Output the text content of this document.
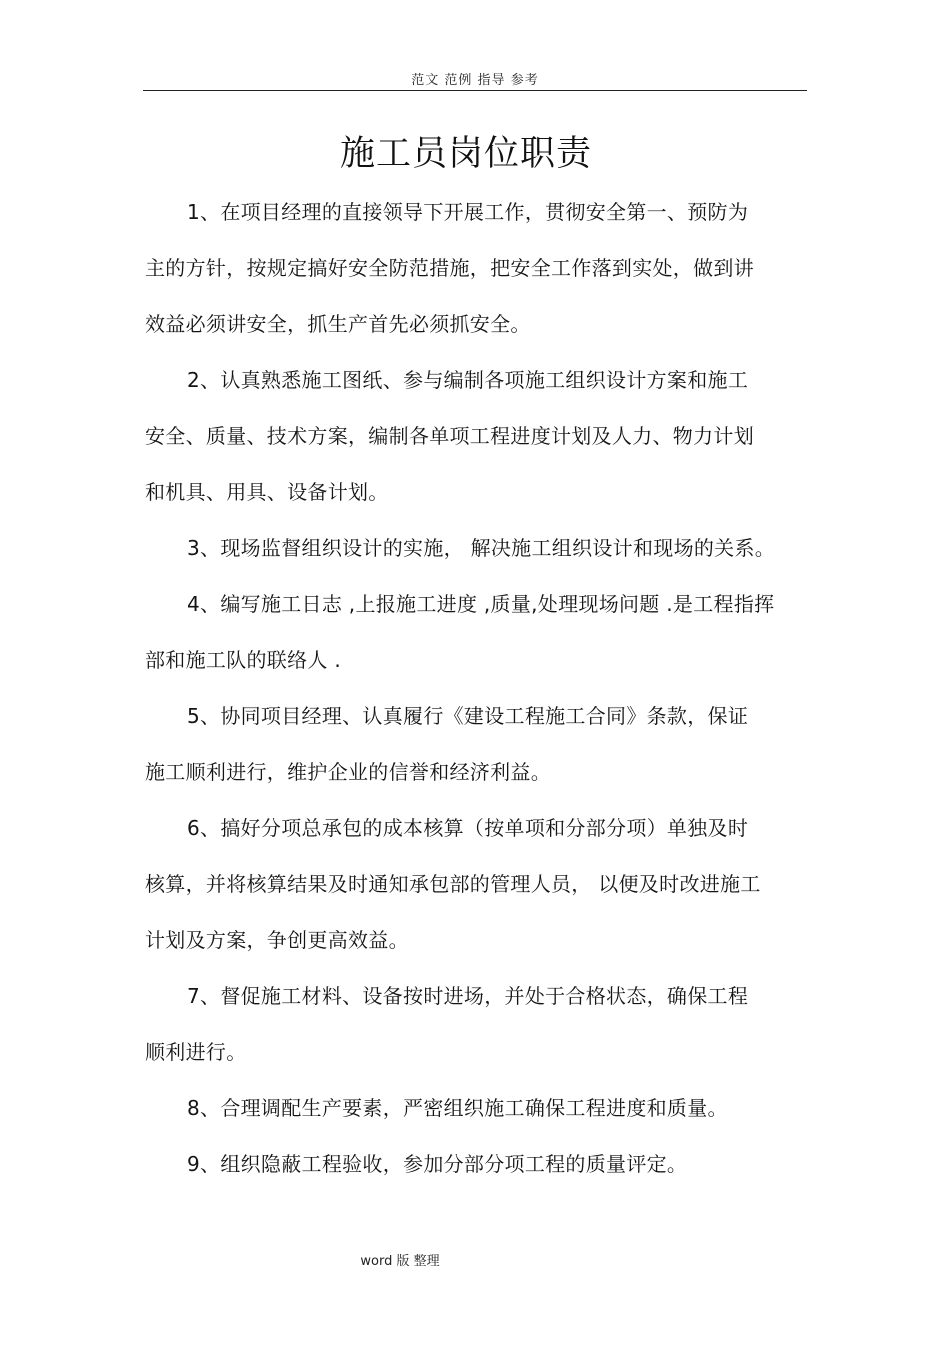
范文 范例 指导 参考
施工员岗位职责
1、在项目经理的直接领导下开展工作，贯彻安全第一、预防为
主的方针，按规定搞好安全防范措施，把安全工作落到实处，做到讲
效益必须讲安全，抓生产首先必须抓安全。
2、认真熟悉施工图纸、参与编制各项施工组织设计方案和施工
安全、质量、技术方案，编制各单项工程进度计划及人力、物力计划
和机具、用具、设备计划。
3、现场监督组织设计的实施， 解决施工组织设计和现场的关系。
4、编写施工日志 ,上报施工进度 ,质量,处理现场问题 .是工程指挥
部和施工队的联络人 .
5、协同项目经理、认真履行《建设工程施工合同》条款，保证
施工顺利进行，维护企业的信誉和经济利益。
6、搞好分项总承包的成本核算（按单项和分部分项）单独及时
核算，并将核算结果及时通知承包部的管理人员， 以便及时改进施工
计划及方案，争创更高效益。
7、督促施工材料、设备按时进场，并处于合格状态，确保工程
顺利进行。
8、合理调配生产要素，严密组织施工确保工程进度和质量。
9、组织隐蔽工程验收，参加分部分项工程的质量评定。
word 版 整理
